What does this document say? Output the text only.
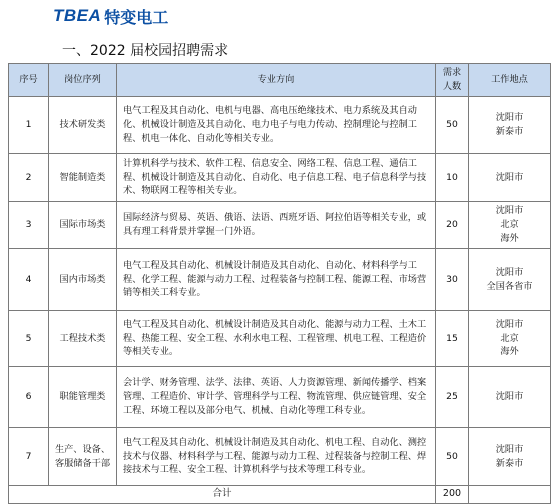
TBEA 特变电工
一、2022 届校园招聘需求
序号	岗位序列	专业方向	需求人数	工作地点
1	技术研发类	电气工程及其自动化、电机与电器、高电压绝缘技术、电力系统及其自动化、机械设计制造及其自动化、电力电子与电力传动、控制理论与控制工程、机电一体化、自动化等相关专业。	50	沈阳市
新泰市

2	智能制造类	计算机科学与技术、软件工程、信息安全、网络工程、信息工程、通信工程、机械设计制造及其自动化、自动化、电子信息工程、电子信息科学与技术、物联网工程等相关专业。	10	沈阳市

3	国际市场类	国际经济与贸易、英语、俄语、法语、西班牙语、阿拉伯语等相关专业，或具有理工科背景并掌握一门外语。	20	沈阳市
北京
海外

4	国内市场类	电气工程及其自动化、机械设计制造及其自动化、自动化、材料科学与工程、化学工程、能源与动力工程、过程装备与控制工程、能源工程、市场营销等相关工科专业。	30	沈阳市
全国各省市

5	工程技术类	电气工程及其自动化、机械设计制造及其自动化、能源与动力工程、土木工程、热能工程、安全工程、水利水电工程、工程管理、机电工程、工程造价等相关专业。	15	沈阳市
北京
海外

6	职能管理类	会计学、财务管理、法学、法律、英语、人力资源管理、新闻传播学、档案管理、工程造价、审计学、管理科学与工程、物流管理、供应链管理、安全工程、环境工程以及部分电气、机械、自动化等理工科专业。	25	沈阳市

7	生产、设备、客服储备干部	电气工程及其自动化、机械设计制造及其自动化、机电工程、自动化、测控技术与仪器、材料科学与工程、能源与动力工程、过程装备与控制工程、焊接技术与工程、安全工程、计算机科学与技术等理工科专业。	50	沈阳市
新泰市

合计			200	
